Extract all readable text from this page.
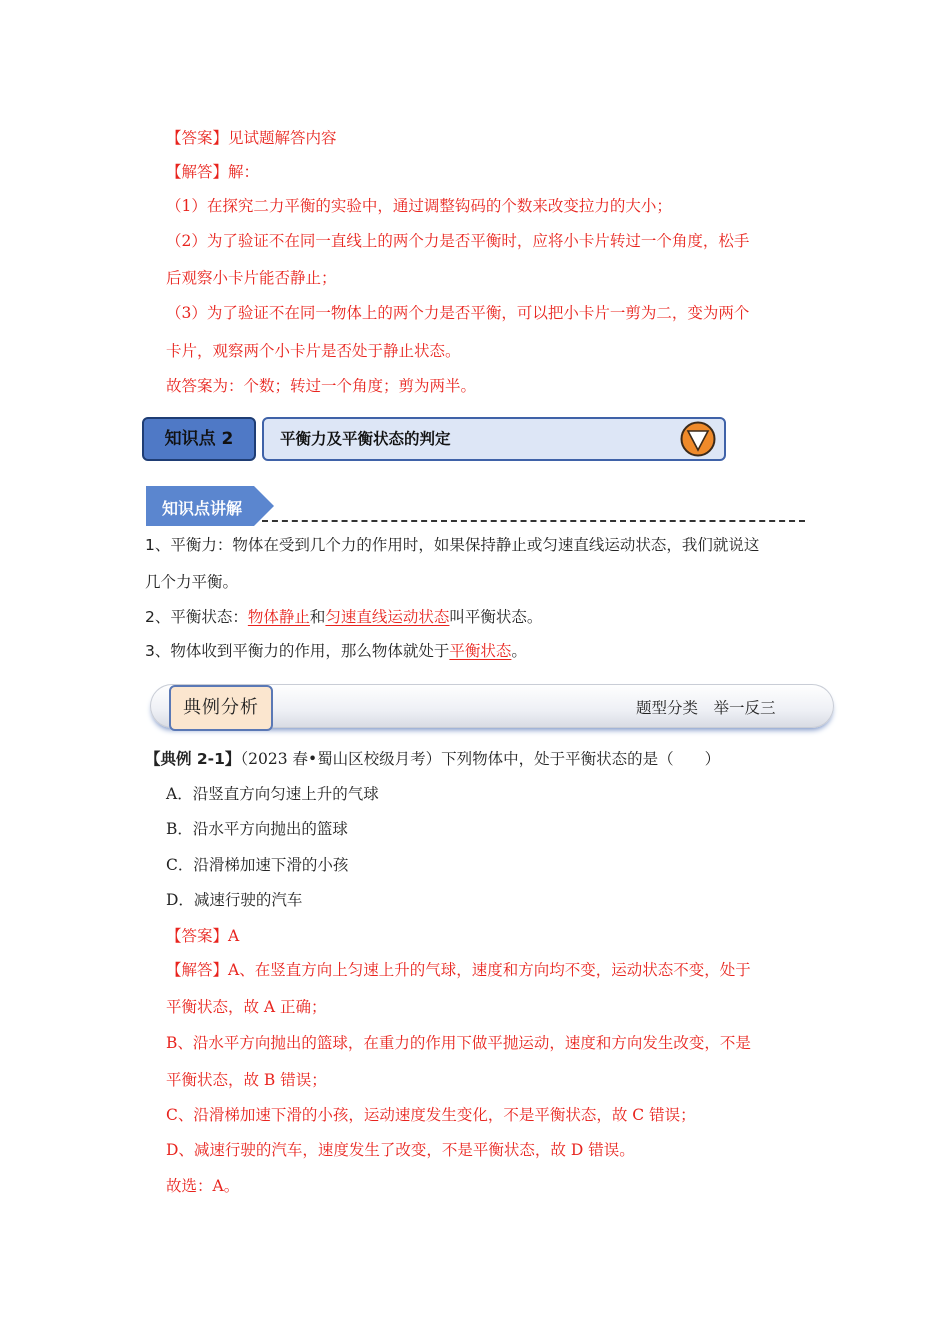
【答案】见试题解答内容
【解答】解：
（1）在探究二力平衡的实验中，通过调整钩码的个数来改变拉力的大小；
（2）为了验证不在同一直线上的两个力是否平衡时，应将小卡片转过一个角度，松手
后观察小卡片能否静止；
（3）为了验证不在同一物体上的两个力是否平衡，可以把小卡片一剪为二，变为两个
卡片，观察两个小卡片是否处于静止状态。
故答案为：个数；转过一个角度；剪为两半。
知识点 2	平衡力及平衡状态的判定
知识点讲解
1、平衡力：物体在受到几个力的作用时，如果保持静止或匀速直线运动状态，我们就说这
几个力平衡。
2、平衡状态：物体静止和匀速直线运动状态叫平衡状态。
3、物体收到平衡力的作用，那么物体就处于平衡状态。
典例分析	题型分类　举一反三
【典例 2-1】（2023 春•蜀山区校级月考）下列物体中，处于平衡状态的是（　　）
A．沿竖直方向匀速上升的气球
B．沿水平方向抛出的篮球
C．沿滑梯加速下滑的小孩
D．减速行驶的汽车
【答案】A
【解答】A、在竖直方向上匀速上升的气球，速度和方向均不变，运动状态不变，处于
平衡状态，故 A 正确；
B、沿水平方向抛出的篮球，在重力的作用下做平抛运动，速度和方向发生改变，不是
平衡状态，故 B 错误；
C、沿滑梯加速下滑的小孩，运动速度发生变化，不是平衡状态，故 C 错误；
D、减速行驶的汽车，速度发生了改变，不是平衡状态，故 D 错误。
故选：A。
